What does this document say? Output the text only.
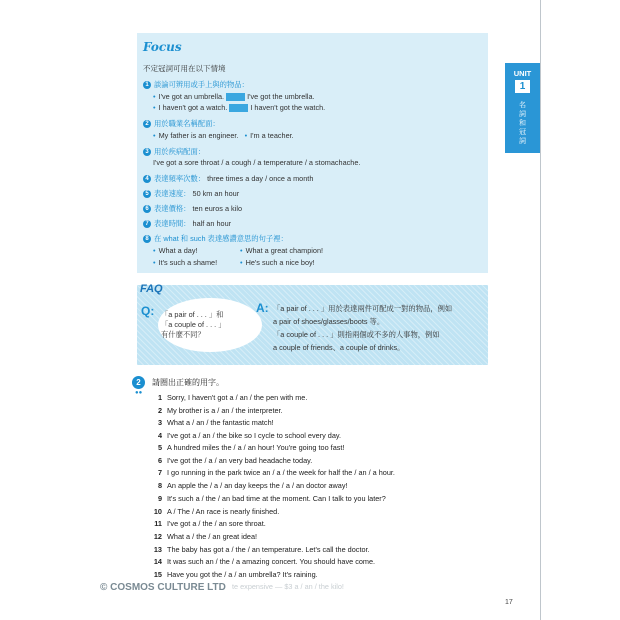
Focus
不定冠詞可用在以下情境
1 談論可辨用或手上與的物品：
• I've got an umbrella.	I've got the umbrella.
• I haven't got a watch.	I haven't got the watch.
2 用於職業名稱配面：
• My father is an engineer. • I'm a teacher.
3 用於疾病配面：
I've got a sore throat / a cough / a temperature / a stomachache.
4 表達頻率次數： three times a day / once a month
5 表達速度： 50 km an hour
6 表達價格： ten euros a kilo
7 表達時間： half an hour
8 在 what 和 such 表達感讚意思的句子裡：
• What a day!	• What a great champion!
• It's such a shame!	• He's such a nice boy!
UNIT
1
名詞和冠詞
FAQ
Q: 「a pair of . . . 」和
「a couple of . . . 」
有什麼不同？
A: 「a pair of . . . 」用於表達兩件可配成一對的物品，例如
a pair of shoes/glasses/boots 等。
「a couple of . . . 」則指兩個或不多的人事物，例如
a couple of friends、a couple of drinks。
2
●●
請圈出正確的用字。
1 Sorry, I haven't got a / an / the pen with me.
2 My brother is a / an / the interpreter.
3 What a / an / the fantastic match!
4 I've got a / an / the bike so I cycle to school every day.
5 A hundred miles the / a / an hour! You're going too fast!
6 I've got the / a / an very bad headache today.
7 I go running in the park twice an / a / the week for half the / an / a hour.
8 An apple the / a / an day keeps the / a / an doctor away!
9 It's such a / the / an bad time at the moment. Can I talk to you later?
10 A / The / An race is nearly finished.
11 I've got a / the / an sore throat.
12 What a / the / an great idea!
13 The baby has got a / the / an temperature. Let's call the doctor.
14 It was such an / the / a amazing concert. You should have come.
15 Have you got the / a / an umbrella? It's raining.
te expensive — $3 a / an / the kilo!
© COSMOS CULTURE LTD
17
